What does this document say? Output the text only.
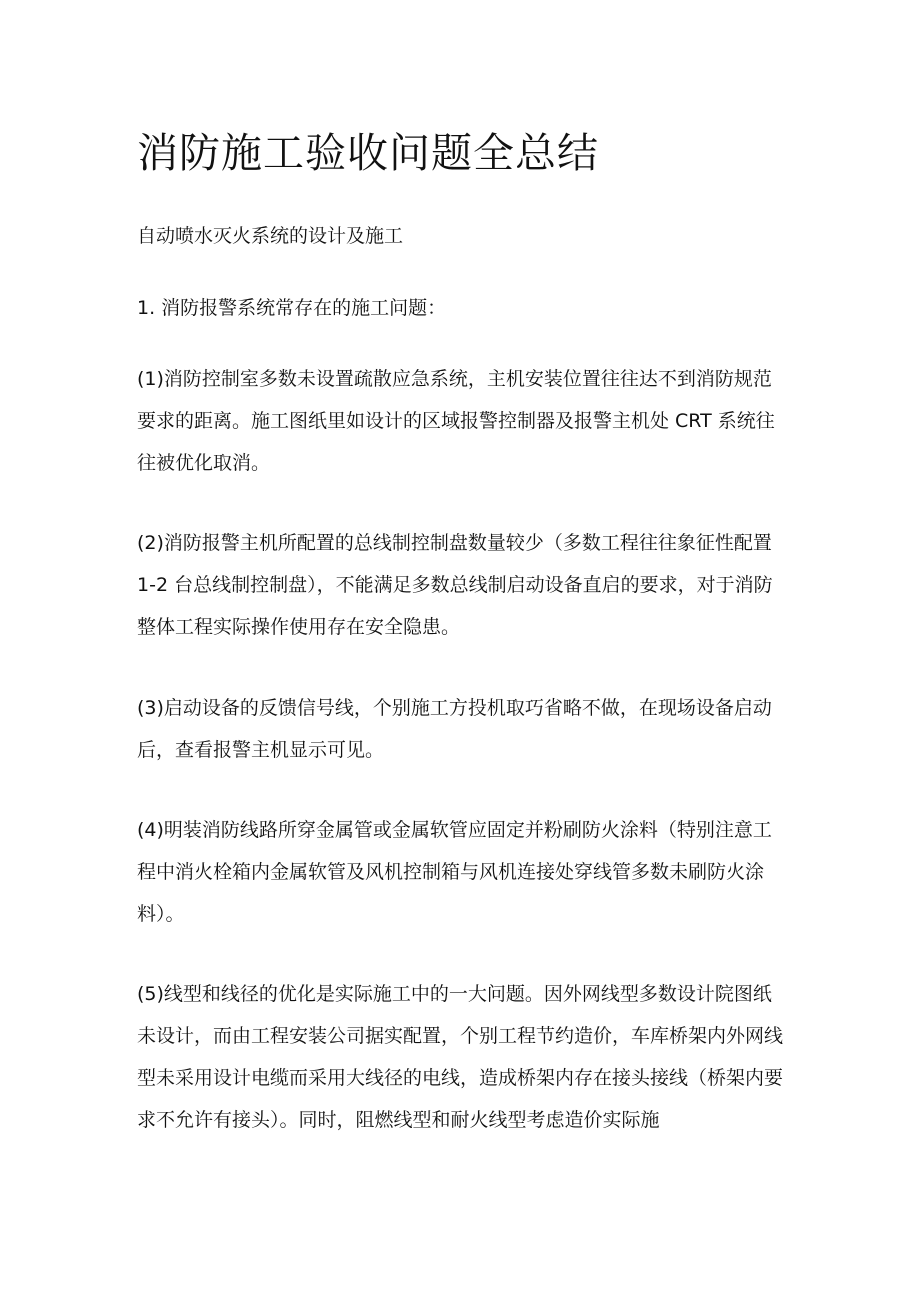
消防施工验收问题全总结

自动喷水灭火系统的设计及施工

1. 消防报警系统常存在的施工问题：

(1)消防控制室多数未设置疏散应急系统，主机安装位置往往达不到消防规范要求的距离。施工图纸里如设计的区域报警控制器及报警主机处 CRT 系统往往被优化取消。

(2)消防报警主机所配置的总线制控制盘数量较少（多数工程往往象征性配置 1-2 台总线制控制盘），不能满足多数总线制启动设备直启的要求，对于消防整体工程实际操作使用存在安全隐患。

(3)启动设备的反馈信号线，个别施工方投机取巧省略不做，在现场设备启动后，查看报警主机显示可见。

(4)明装消防线路所穿金属管或金属软管应固定并粉刷防火涂料（特别注意工程中消火栓箱内金属软管及风机控制箱与风机连接处穿线管多数未刷防火涂料）。

(5)线型和线径的优化是实际施工中的一大问题。因外网线型多数设计院图纸未设计，而由工程安装公司据实配置，个别工程节约造价，车库桥架内外网线型未采用设计电缆而采用大线径的电线，造成桥架内存在接头接线（桥架内要求不允许有接头）。同时，阻燃线型和耐火线型考虑造价实际施
